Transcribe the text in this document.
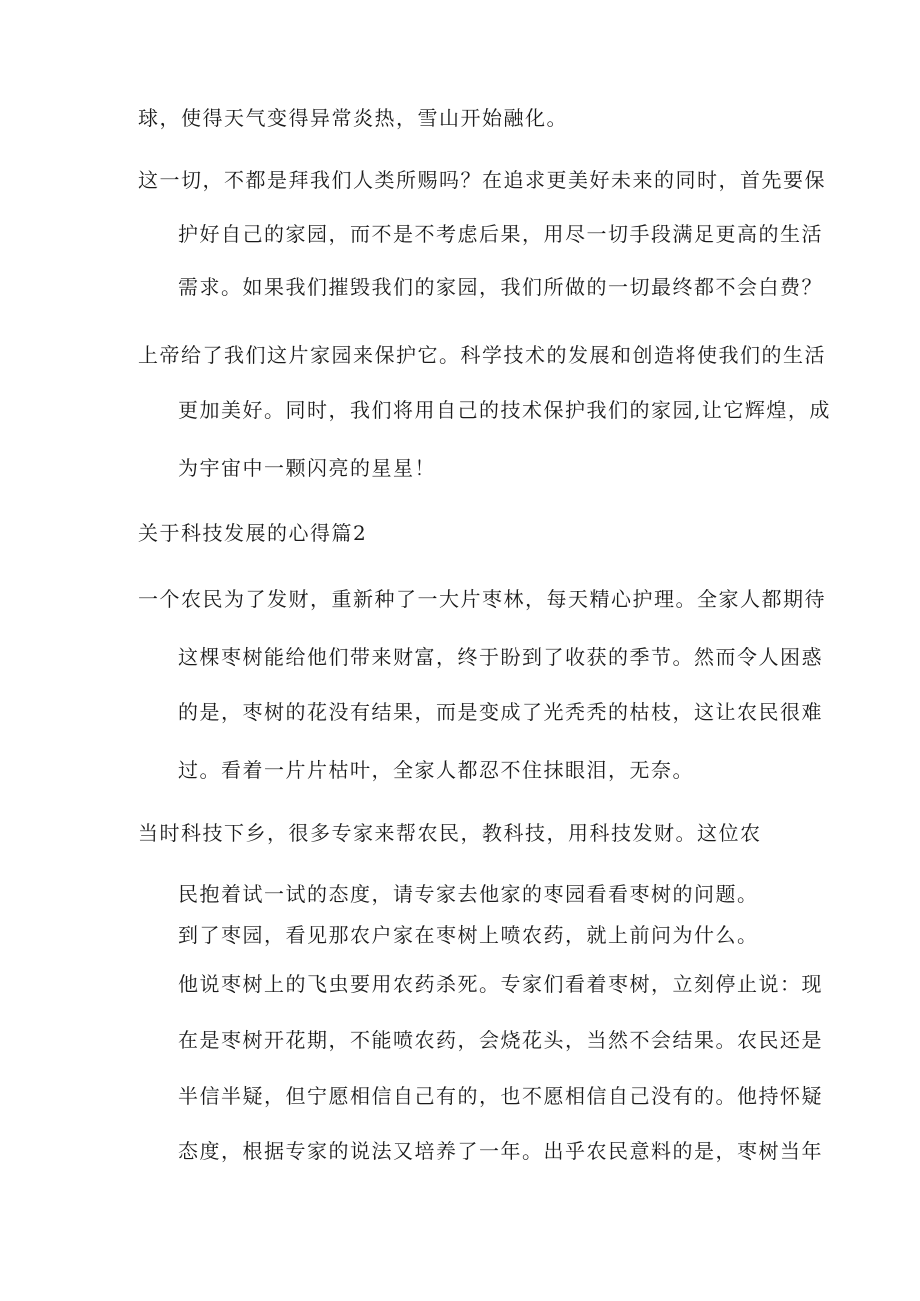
球，使得天气变得异常炎热，雪山开始融化。
这一切，不都是拜我们人类所赐吗？在追求更美好未来的同时，首先要保
护好自己的家园，而不是不考虑后果，用尽一切手段满足更高的生活
需求。如果我们摧毁我们的家园，我们所做的一切最终都不会白费？
上帝给了我们这片家园来保护它。科学技术的发展和创造将使我们的生活
更加美好。同时，我们将用自己的技术保护我们的家园,让它辉煌，成
为宇宙中一颗闪亮的星星！
关于科技发展的心得篇2
一个农民为了发财，重新种了一大片枣林，每天精心护理。全家人都期待
这棵枣树能给他们带来财富，终于盼到了收获的季节。然而令人困惑
的是，枣树的花没有结果，而是变成了光秃秃的枯枝，这让农民很难
过。看着一片片枯叶，全家人都忍不住抹眼泪，无奈。
当时科技下乡，很多专家来帮农民，教科技，用科技发财。这位农
民抱着试一试的态度，请专家去他家的枣园看看枣树的问题。
到了枣园，看见那农户家在枣树上喷农药，就上前问为什么。
他说枣树上的飞虫要用农药杀死。专家们看着枣树，立刻停止说：现
在是枣树开花期，不能喷农药，会烧花头，当然不会结果。农民还是
半信半疑，但宁愿相信自己有的，也不愿相信自己没有的。他持怀疑
态度，根据专家的说法又培养了一年。出乎农民意料的是，枣树当年
